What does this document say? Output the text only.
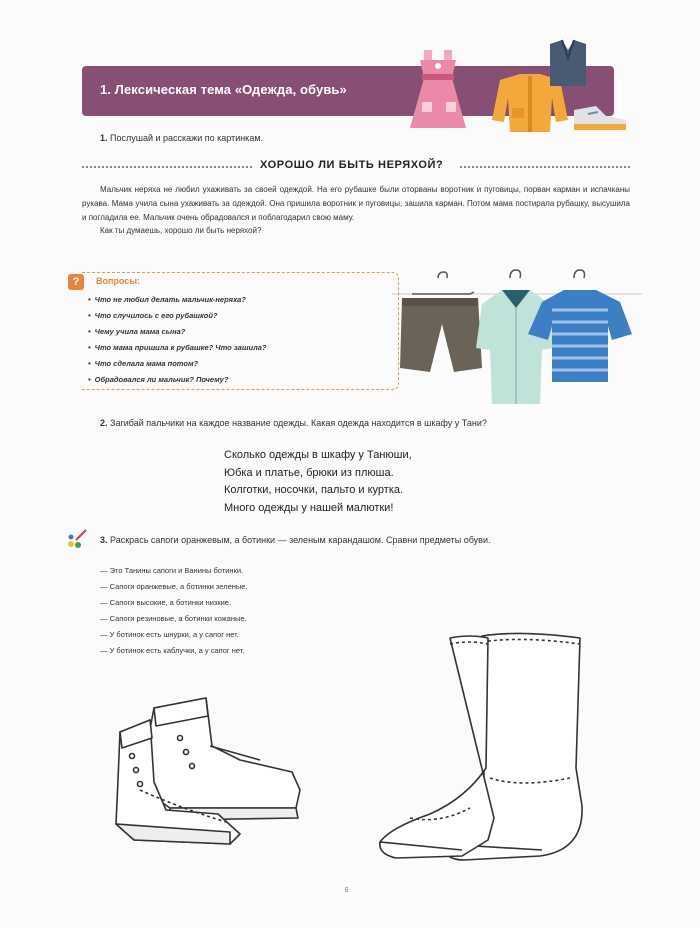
1. Лексическая тема «Одежда, обувь»
1. Послушай и расскажи по картинкам.
ХОРОШО ЛИ БЫТЬ НЕРЯХОЙ?

Мальчик неряха не любил ухаживать за своей одеждой. На его рубашке были оторваны воротник и пуговицы, порван карман и испачканы рукава. Мама учила сына ухаживать за одеждой. Она пришила воротник и пуговицы, зашила карман. Потом мама постирала рубашку, высушила и погладила ее. Мальчик очень обрадовался и поблагодарил свою маму.

Как ты думаешь, хорошо ли быть неряхой?

?	Вопросы:
• Что не любил делать мальчик-неряха?
• Что случилось с его рубашкой?
• Чему учила мама сына?
• Что мама пришила к рубашке? Что зашила?
• Что сделала мама потом?
• Обрадовался ли мальчик? Почему?
2. Загибай пальчики на каждое название одежды. Какая одежда находится в шкафу у Тани?
Сколько одежды в шкафу у Танюши,
Юбка и платье, брюки из плюша.
Колготки, носочки, пальто и куртка.
Много одежды у нашей малютки!
3. Раскрась сапоги оранжевым, а ботинки — зеленым карандашом. Сравни предметы обуви.
— Это Танины сапоги и Ванины ботинки.
— Сапоги оранжевые, а ботинки зеленые.
— Сапоги высокие, а ботинки низкие.
— Сапоги резиновые, а ботинки кожаные.
— У ботинок есть шнурки, а у сапог нет.
— У ботинок есть каблучки, а у сапог нет.
5
